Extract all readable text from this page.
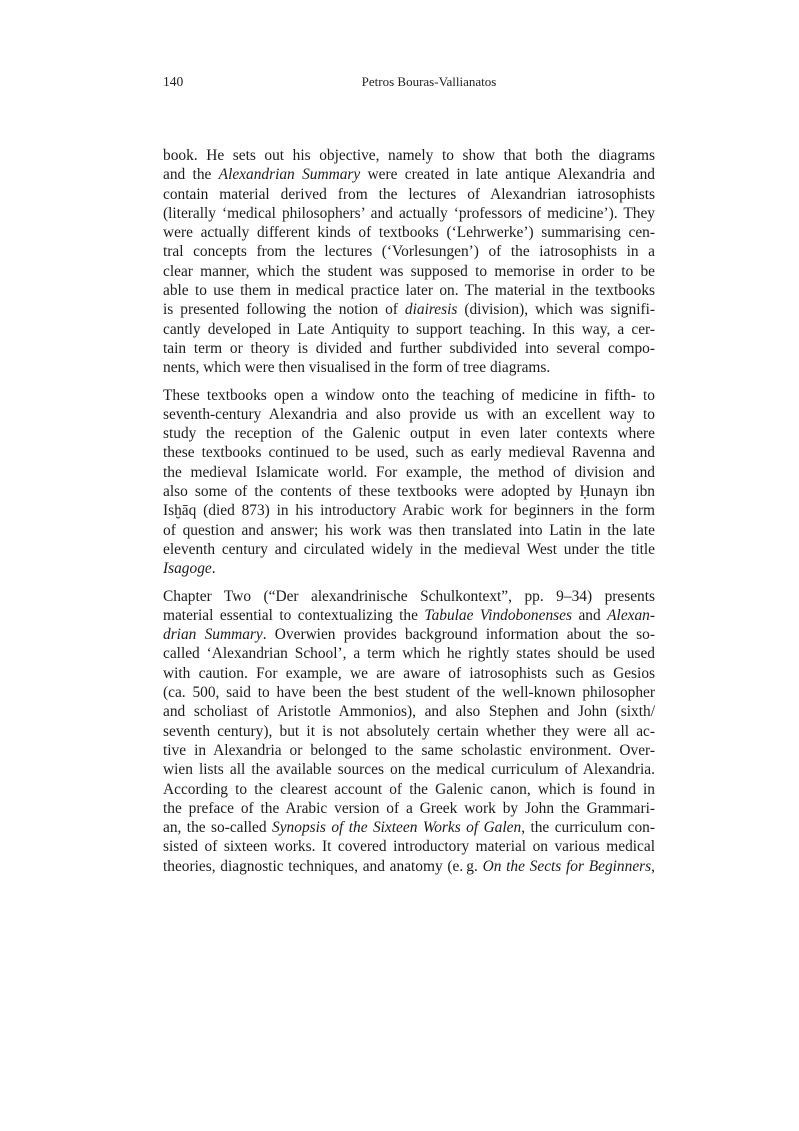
140	Petros Bouras-Vallianatos

book. He sets out his objective, namely to show that both the diagrams
and the Alexandrian Summary were created in late antique Alexandria and
contain material derived from the lectures of Alexandrian iatrosophists
(literally ‘medical philosophers’ and actually ‘professors of medicine’). They
were actually different kinds of textbooks (‘Lehrwerke’) summarising cen-
tral concepts from the lectures (‘Vorlesungen’) of the iatrosophists in a
clear manner, which the student was supposed to memorise in order to be
able to use them in medical practice later on. The material in the textbooks
is presented following the notion of diairesis (division), which was signifi-
cantly developed in Late Antiquity to support teaching. In this way, a cer-
tain term or theory is divided and further subdivided into several compo-
nents, which were then visualised in the form of tree diagrams.

These textbooks open a window onto the teaching of medicine in fifth- to
seventh-century Alexandria and also provide us with an excellent way to
study the reception of the Galenic output in even later contexts where
these textbooks continued to be used, such as early medieval Ravenna and
the medieval Islamicate world. For example, the method of division and
also some of the contents of these textbooks were adopted by Ḥunayn ibn
Isḫāq (died 873) in his introductory Arabic work for beginners in the form
of question and answer; his work was then translated into Latin in the late
eleventh century and circulated widely in the medieval West under the title
Isagoge.

Chapter Two (“Der alexandrinische Schulkontext”, pp. 9–34) presents
material essential to contextualizing the Tabulae Vindobonenses and Alexan-
drian Summary. Overwien provides background information about the so-
called ‘Alexandrian School’, a term which he rightly states should be used
with caution. For example, we are aware of iatrosophists such as Gesios
(ca. 500, said to have been the best student of the well-known philosopher
and scholiast of Aristotle Ammonios), and also Stephen and John (sixth/
seventh century), but it is not absolutely certain whether they were all ac-
tive in Alexandria or belonged to the same scholastic environment. Over-
wien lists all the available sources on the medical curriculum of Alexandria.
According to the clearest account of the Galenic canon, which is found in
the preface of the Arabic version of a Greek work by John the Grammari-
an, the so-called Synopsis of the Sixteen Works of Galen, the curriculum con-
sisted of sixteen works. It covered introductory material on various medical
theories, diagnostic techniques, and anatomy (e. g. On the Sects for Beginners,
